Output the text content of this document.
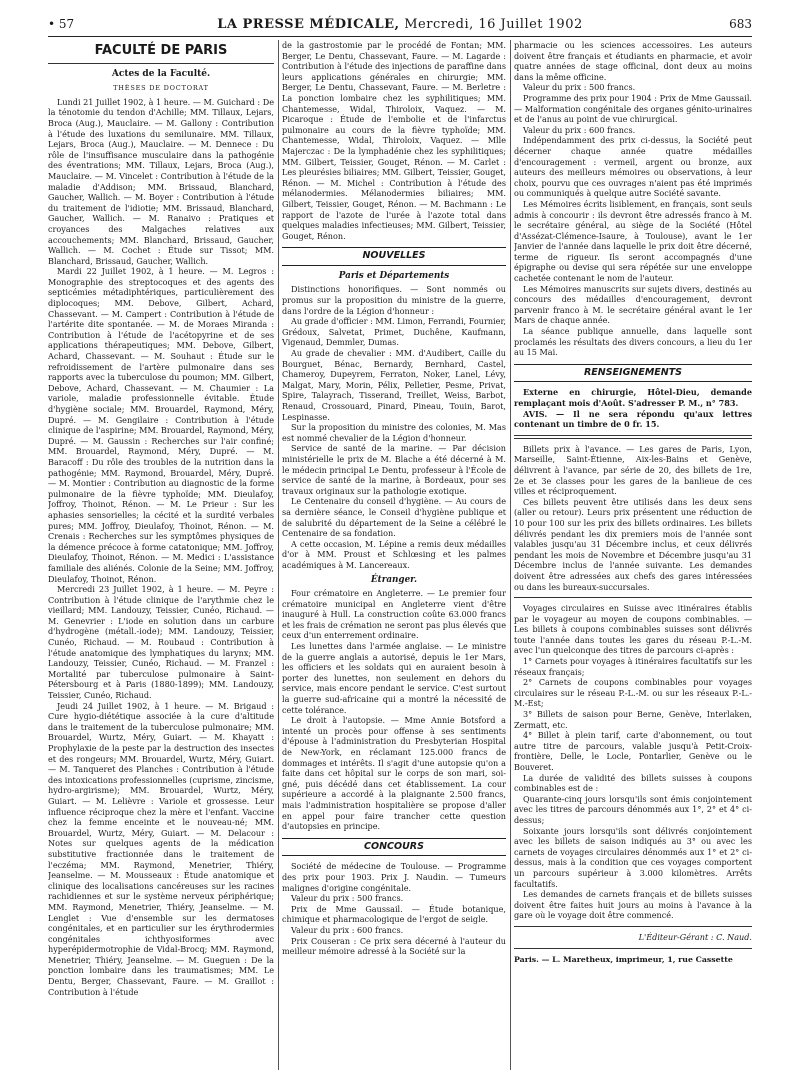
• 57	LA PRESSE MÉDICALE, Mercredi, 16 Juillet 1902	683
FACULTÉ DE PARIS
Actes de la Faculté.
THÈSES DE DOCTORAT

Lundi 21 Juillet 1902, à 1 heure. — M. Guichard : De la ténotomie du tendon d'Achille; MM. Tillaux, Lejars, Broca (Aug.), Mauclaire. — M. Gallony : Contribution à l'étude des luxations du semilunaire. MM. Tillaux, Lejars, Broca (Aug.), Mauclaire. — M. Dennece : Du rôle de l'insuffisance musculaire dans la pathogénie des éventrations; MM. Tillaux, Lejars, Broca (Aug.), Mauclaire. — M. Vincelet : Contribution à l'étude de la maladie d'Addison; MM. Brissaud, Blanchard, Gaucher, Wallich. — M. Boyer : Contribution à l'étude du traitement de l'idiotie; MM. Brissaud, Blanchard, Gaucher, Wallich. — M. Ranaivo : Pratiques et croyances des Malgaches relatives aux accouchements; MM. Blanchard, Brissaud, Gaucher, Wallich. — M. Cochet : Étude sur Tissot; MM. Blanchard, Brissaud, Gaucher, Wallich.

Mardi 22 Juillet 1902, à 1 heure. — M. Legros : Monographie des streptocoques et des agents des septicémies métadiphtériques, particulièrement des diplocoques; MM. Debove, Gilbert, Achard, Chassevant. — M. Campert : Contribution à l'étude de l'artérite dite spontanée. — M. de Moraes Miranda : Contribution à l'étude de l'acétopyrine et de ses applications thérapeutiques; MM. Debove, Gilbert, Achard, Chassevant. — M. Souhaut : Étude sur le refroidissement de l'artère pulmonaire dans ses rapports avec la tuberculose du poumon; MM. Gilbert, Debove, Achard, Chassevant. — M. Chaumier : La variole, maladie professionnelle évitable. Étude d'hygiène sociale; MM. Brouardel, Raymond, Méry, Dupré. — M. Gengilaire : Contribution à l'étude clinique de l'aspirine; MM. Brouardel, Raymond, Méry, Dupré. — M. Gaussin : Recherches sur l'air confiné; MM. Brouardel, Raymond, Méry, Dupré. — M. Baracoff : Du rôle des troubles de la nutrition dans la pathogénie; MM. Raymond, Brouardel, Méry, Dupré. — M. Montier : Contribution au diagnostic de la forme pulmonaire de la fièvre typhoïde; MM. Dieulafoy, Joffroy, Thoinot, Rénon. — M. Le Prieur : Sur les aphasies sensorielles; la cécité et la surdité verbales pures; MM. Joffroy, Dieulafoy, Thoinot, Rénon. — M. Crenais : Recherches sur les symptômes physiques de la démence précoce à forme catatonique; MM. Joffroy, Dieulafoy, Thoinot, Rénon. — M. Medici : L'assistance familiale des aliénés. Colonie de la Seine; MM. Joffroy, Dieulafoy, Thoinot, Rénon.

Mercredi 23 Juillet 1902, à 1 heure. — M. Peyre : Contribution à l'étude clinique de l'arythmie chez le vieillard; MM. Landouzy, Teissier, Cunéo, Richaud. — M. Genevrier : L'iode en solution dans un carbure d'hydrogène (métall.-iode); MM. Landouzy, Teissier, Cunéo, Richaud. — M. Roubaud : Contribution à l'étude anatomique des lymphatiques du larynx; MM. Landouzy, Teissier, Cunéo, Richaud. — M. Franzel : Mortalité par tuberculose pulmonaire à Saint-Pétersbourg et à Paris (1880-1899); MM. Landouzy, Teissier, Cunéo, Richaud.

Jeudi 24 Juillet 1902, à 1 heure. — M. Brigaud : Cure hygio-diététique associée à la cure d'altitude dans le traitement de la tuberculose pulmonaire; MM. Brouardel, Wurtz, Méry, Guiart. — M. Khayatt : Prophylaxie de la peste par la destruction des insectes et des rongeurs; MM. Brouardel, Wurtz, Méry, Guiart. — M. Tanqueret des Planches : Contribution à l'étude des intoxications professionnelles (cuprisme, zincisme, hydro-argirisme); MM. Brouardel, Wurtz, Méry, Guiart. — M. Lelièvre : Variole et grossesse. Leur influence réciproque chez la mère et l'enfant. Vaccine chez la femme enceinte et le nouveau-né; MM. Brouardel, Wurtz, Méry, Guiart. — M. Delacour : Notes sur quelques agents de la médication substitutive fractionnée dans le traitement de l'eczéma; MM. Raymond, Menetrier, Thiéry, Jeanselme. — M. Mousseaux : Étude anatomique et clinique des localisations cancéreuses sur les racines rachidiennes et sur le système nerveux périphérique; MM. Raymond, Menetrier, Thiéry, Jeanselme. — M. Lenglet : Vue d'ensemble sur les dermatoses congénitales, et en particulier sur les érythrodermies congénitales ichthyosiformes avec hyperépidermotrophie de Vidal-Brocq; MM. Raymond, Menetrier, Thiéry, Jeanselme. — M. Gueguen : De la ponction lombaire dans les traumatismes; MM. Le Dentu, Berger, Chassevant, Faure. — M. Graillot : Contribution à l'étude

de la gastrostomie par le procédé de Fontan; MM. Berger, Le Dentu, Chassevant, Faure. — M. Lagarde : Contribution à l'étude des injections de paraffine dans leurs applications générales en chirurgie; MM. Berger, Le Dentu, Chassevant, Faure. — M. Berletre : La ponction lombaire chez les syphilitiques; MM. Chantemesse, Widal, Thiroloix, Vaquez. — M. Picaroque : Étude de l'embolie et de l'infarctus pulmonaire au cours de la fièvre typhoïde; MM. Chantemesse, Widal, Thiroloix, Vaquez. — Mlle Majerczac : De la lymphadénie chez les syphilitiques; MM. Gilbert, Teissier, Gouget, Rénon. — M. Carlet : Les pleurésies biliaires; MM. Gilbert, Teissier, Gouget, Rénon. — M. Michel : Contribution à l'étude des mélanodermies. Mélanodermies biliaires; MM. Gilbert, Teissier, Gouget, Rénon. — M. Bachmann : Le rapport de l'azote de l'urée à l'azote total dans quelques maladies infectieuses; MM. Gilbert, Teissier, Gouget, Rénon.

NOUVELLES
Paris et Départements

Distinctions honorifiques. — Sont nommés ou promus sur la proposition du ministre de la guerre, dans l'ordre de la Légion d'honneur :

Au grade d'officier : MM. Limon, Ferrandi, Fournier, Grédoux, Salvetat, Primet, Duchêne, Kaufmann, Vigenaud, Demmler, Dumas.

Au grade de chevalier : MM. d'Audibert, Caille du Bourguet, Bénac, Bernardy, Bernhard, Castel, Chameroy, Dupeyrem, Ferraton, Noker, Lanel, Lévy, Malgat, Mary, Morin, Pélix, Pelletier, Pesme, Privat, Spire, Talayrach, Tisserand, Treillet, Weiss, Barbot, Renaud, Crossouard, Pinard, Pineau, Touin, Barot, Lespinasse.

Sur la proposition du ministre des colonies, M. Mas est nommé chevalier de la Légion d'honneur.

Service de santé de la marine. — Par décision ministérielle le prix de M. Blache a été décerné à M. le médecin principal Le Dentu, professeur à l'École de service de santé de la marine, à Bordeaux, pour ses travaux originaux sur la pathologie exotique.

Le Centenaire du conseil d'hygiène. — Au cours de sa dernière séance, le Conseil d'hygiène publique et de salubrité du département de la Seine a célébré le Centenaire de sa fondation.

A cette occasion, M. Lépine a remis deux médailles d'or à MM. Proust et Schlœsing et les palmes académiques à M. Lancereaux.

Étranger.

Four crématoire en Angleterre. — Le premier four crématoire municipal en Angleterre vient d'être inauguré à Hull. La construction coûte 63.000 francs et les frais de crémation ne seront pas plus élevés que ceux d'un enterrement ordinaire.

Les lunettes dans l'armée anglaise. — Le ministre de la guerre anglais a autorisé, depuis le 1er Mars, les officiers et les soldats qui en auraient besoin à porter des lunettes, non seulement en dehors du service, mais encore pendant le service. C'est surtout la guerre sud-africaine qui a montré la nécessité de cette tolérance.

Le droit à l'autopsie. — Mme Annie Botsford a intenté un procès pour offense à ses sentiments d'épouse à l'administration du Presbyterian Hospital de New-York, en réclamant 125.000 francs de dommages et intérêts. Il s'agit d'une autopsie qu'on a faite dans cet hôpital sur le corps de son mari, soi-gné, puis décédé dans cet établissement. La cour supérieure a accordé à la plaignante 2.500 francs, mais l'administration hospitalière se propose d'aller en appel pour faire trancher cette question d'autopsies en principe.

CONCOURS

Société de médecine de Toulouse. — Programme des prix pour 1903. Prix J. Naudin. — Tumeurs malignes d'origine congénitale.

Valeur du prix : 500 francs.

Prix de Mme Gaussail. — Étude botanique, chimique et pharmacologique de l'ergot de seigle.

Valeur du prix : 600 francs.

Prix Couseran : Ce prix sera décerné à l'auteur du meilleur mémoire adressé à la Société sur la

pharmacie ou les sciences accessoires. Les auteurs doivent être français et étudiants en pharmacie, et avoir quatre années de stage officinal, dont deux au moins dans la même officine.

Valeur du prix : 500 francs.

Programme des prix pour 1904 : Prix de Mme Gaussail. — Malformation congénitale des organes génito-urinaires et de l'anus au point de vue chirurgical.

Valeur du prix : 600 francs.

Indépendamment des prix ci-dessus, la Société peut décerner chaque année quatre médailles d'encouragement : vermeil, argent ou bronze, aux auteurs des meilleurs mémoires ou observations, à leur choix, pourvu que ces ouvrages n'aient pas été imprimés ou communiqués à quelque autre Société savante.

Les Mémoires écrits lisiblement, en français, sont seuls admis à concourir : ils devront être adressés franco à M. le secrétaire général, au siège de la Société (Hôtel d'Assézat-Clémence-Isaure, à Toulouse), avant le 1er Janvier de l'année dans laquelle le prix doit être décerné, terme de rigueur. Ils seront accompagnés d'une épigraphe ou devise qui sera répétée sur une enveloppe cachetée contenant le nom de l'auteur.

Les Mémoires manuscrits sur sujets divers, destinés au concours des médailles d'encouragement, devront parvenir franco à M. le secrétaire général avant le 1er Mars de chaque année.

La séance publique annuelle, dans laquelle sont proclamés les résultats des divers concours, a lieu du 1er au 15 Mai.

RENSEIGNEMENTS

Externe en chirurgie, Hôtel-Dieu, demande remplaçant mois d'Août. S'adresser P. M., n° 783.

AVIS. — Il ne sera répondu qu'aux lettres contenant un timbre de 0 fr. 15.

Billets prix à l'avance. — Les gares de Paris, Lyon, Marseille, Saint-Étienne, Aix-les-Bains et Genève, délivrent à l'avance, par série de 20, des billets de 1re, 2e et 3e classes pour les gares de la banlieue de ces villes et réciproquement.

Ces billets peuvent être utilisés dans les deux sens (aller ou retour). Leurs prix présentent une réduction de 10 pour 100 sur les prix des billets ordinaires. Les billets délivrés pendant les dix premiers mois de l'année sont valables jusqu'au 31 Décembre inclus, et ceux délivrés pendant les mois de Novembre et Décembre jusqu'au 31 Décembre inclus de l'année suivante. Les demandes doivent être adressées aux chefs des gares intéressées ou dans les bureaux-succursales.

Voyages circulaires en Suisse avec itinéraires établis par le voyageur au moyen de coupons combinables. — Les billets à coupons combinables suisses sont délivrés toute l'année dans toutes les gares du réseau P.-L.-M. avec l'un quelconque des titres de parcours ci-après :

1° Carnets pour voyages à itinéraires facultatifs sur les réseaux français;

2° Carnets de coupons combinables pour voyages circulaires sur le réseau P.-L.-M. ou sur les réseaux P.-L.-M.-Est;

3° Billets de saison pour Berne, Genève, Interlaken, Zermatt, etc.

4° Billet à plein tarif, carte d'abonnement, ou tout autre titre de parcours, valable jusqu'à Petit-Croix-frontière, Delle, le Locle, Pontarlier, Genève ou le Bouveret.

La durée de validité des billets suisses à coupons combinables est de :

Quarante-cinq jours lorsqu'ils sont émis conjointement avec les titres de parcours dénommés aux 1°, 2° et 4° ci-dessus;

Soixante jours lorsqu'ils sont délivrés conjointement avec les billets de saison indiqués au 3° ou avec les carnets de voyages circulaires dénommés aux 1° et 2° ci-dessus, mais à la condition que ces voyages comportent un parcours supérieur à 3.000 kilomètres. Arrêts facultatifs.

Les demandes de carnets français et de billets suisses doivent être faites huit jours au moins à l'avance à la gare où le voyage doit être commencé.

L'Éditeur-Gérant : C. Naud.
Paris. — L. Maretheux, imprimeur, 1, rue Cassette
